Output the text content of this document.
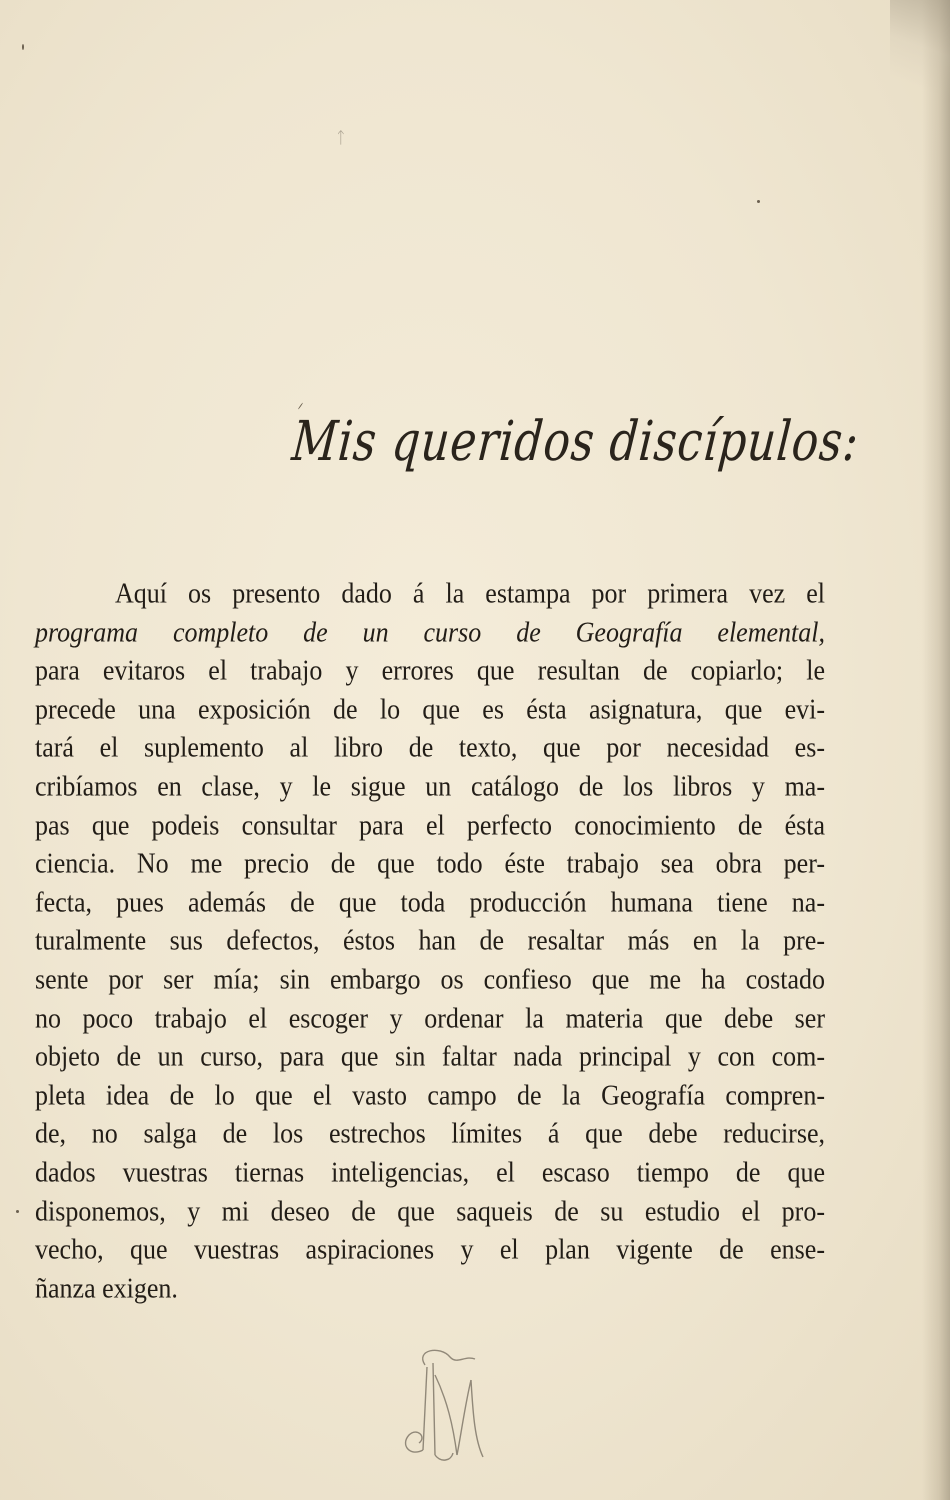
ᛏ
Mis queridos discípulos:
Aquí os presento dado á la estampa por primera vez el
programa completo de un curso de Geografía elemental,
para evitaros el trabajo y errores que resultan de copiarlo; le
precede una exposición de lo que es ésta asignatura, que evi-
tará el suplemento al libro de texto, que por necesidad es-
cribíamos en clase, y le sigue un catálogo de los libros y ma-
pas que podeis consultar para el perfecto conocimiento de ésta
ciencia. No me precio de que todo éste trabajo sea obra per-
fecta, pues además de que toda producción humana tiene na-
turalmente sus defectos, éstos han de resaltar más en la pre-
sente por ser mía; sin embargo os confieso que me ha costado
no poco trabajo el escoger y ordenar la materia que debe ser
objeto de un curso, para que sin faltar nada principal y con com-
pleta idea de lo que el vasto campo de la Geografía compren-
de, no salga de los estrechos límites á que debe reducirse,
dados vuestras tiernas inteligencias, el escaso tiempo de que
disponemos, y mi deseo de que saqueis de su estudio el pro-
vecho, que vuestras aspiraciones y el plan vigente de ense-
ñanza exigen.
